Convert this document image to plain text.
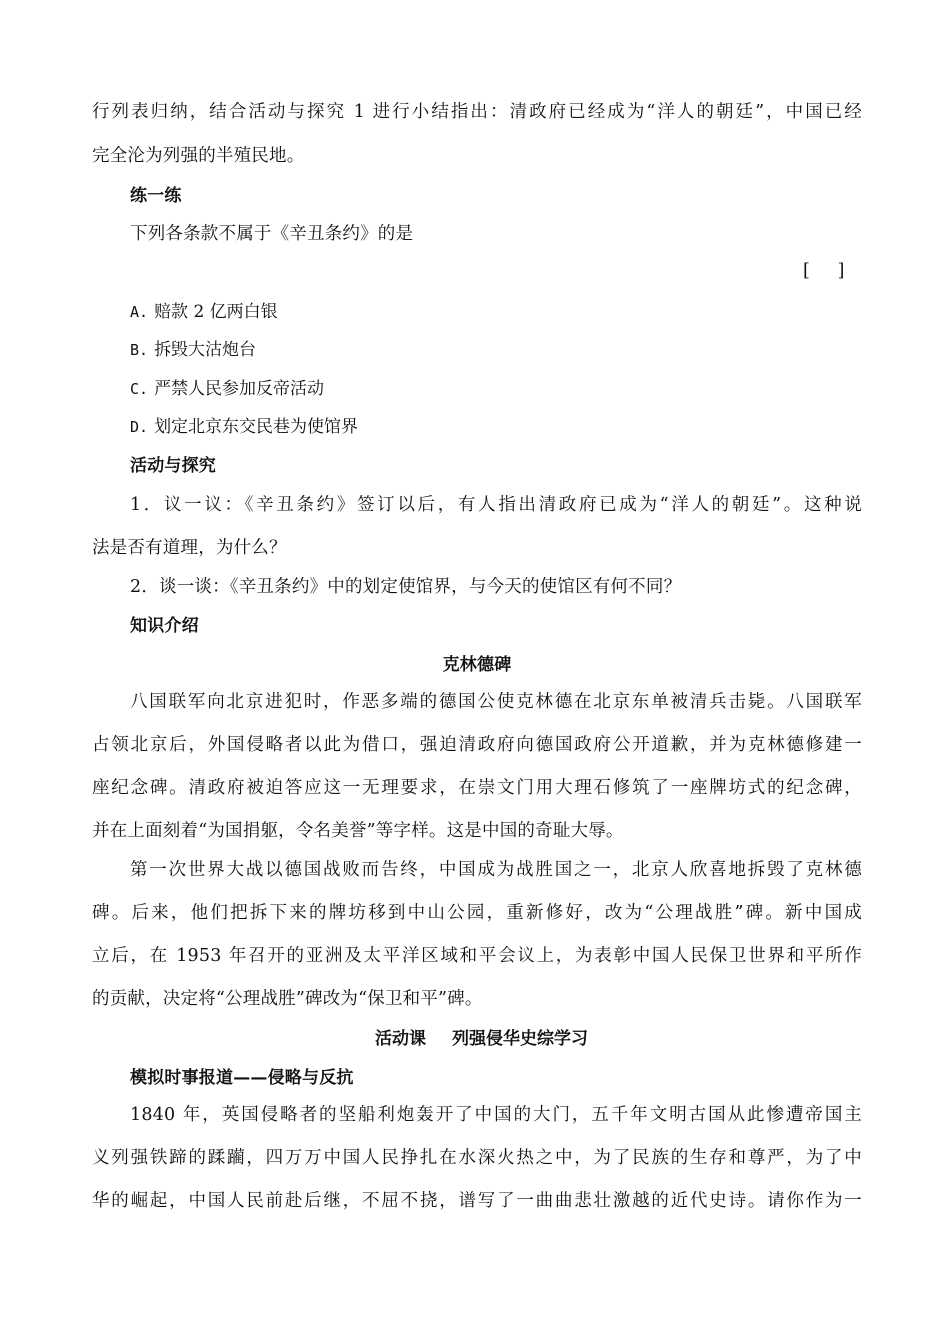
行列表归纳，结合活动与探究 1 进行小结指出：清政府已经成为“洋人的朝廷”，中国已经
完全沦为列强的半殖民地。
练一练
下列各条款不属于《辛丑条约》的是
[     ]
A. 赔款 2 亿两白银
B. 拆毁大沽炮台
C. 严禁人民参加反帝活动
D. 划定北京东交民巷为使馆界
活动与探究
1．议一议：《辛丑条约》签订以后，有人指出清政府已成为“洋人的朝廷”。这种说
法是否有道理，为什么？
2．谈一谈：《辛丑条约》中的划定使馆界，与今天的使馆区有何不同？
知识介绍
克林德碑
八国联军向北京进犯时，作恶多端的德国公使克林德在北京东单被清兵击毙。八国联军
占领北京后，外国侵略者以此为借口，强迫清政府向德国政府公开道歉，并为克林德修建一
座纪念碑。清政府被迫答应这一无理要求，在崇文门用大理石修筑了一座牌坊式的纪念碑，
并在上面刻着“为国捐躯，令名美誉”等字样。这是中国的奇耻大辱。
第一次世界大战以德国战败而告终，中国成为战胜国之一，北京人欣喜地拆毁了克林德
碑。后来，他们把拆下来的牌坊移到中山公园，重新修好，改为“公理战胜”碑。新中国成
立后，在 1953 年召开的亚洲及太平洋区域和平会议上，为表彰中国人民保卫世界和平所作
的贡献，决定将“公理战胜”碑改为“保卫和平”碑。
活动课 列强侵华史综学习
模拟时事报道——侵略与反抗
1840 年，英国侵略者的坚船利炮轰开了中国的大门，五千年文明古国从此惨遭帝国主
义列强铁蹄的蹂躏，四万万中国人民挣扎在水深火热之中，为了民族的生存和尊严，为了中
华的崛起，中国人民前赴后继，不屈不挠，谱写了一曲曲悲壮激越的近代史诗。请你作为一
